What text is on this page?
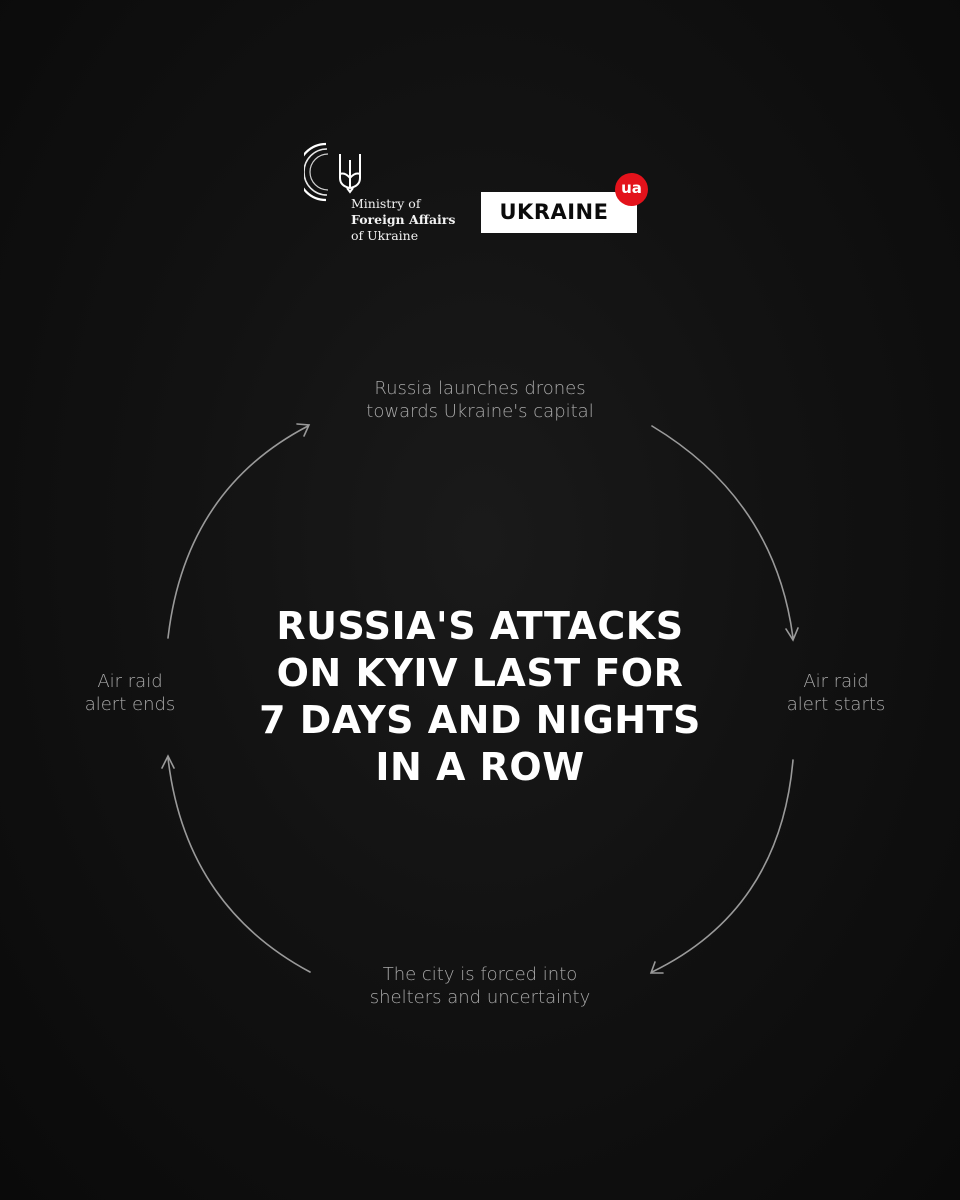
Ministry of
Foreign Affairs
of Ukraine
UKRAINE
ua
Russia launches drones
towards Ukraine's capital
Air raid
alert starts
The city is forced into
shelters and uncertainty
Air raid
alert ends
RUSSIA'S ATTACKS
ON KYIV LAST FOR
7 DAYS AND NIGHTS
IN A ROW
